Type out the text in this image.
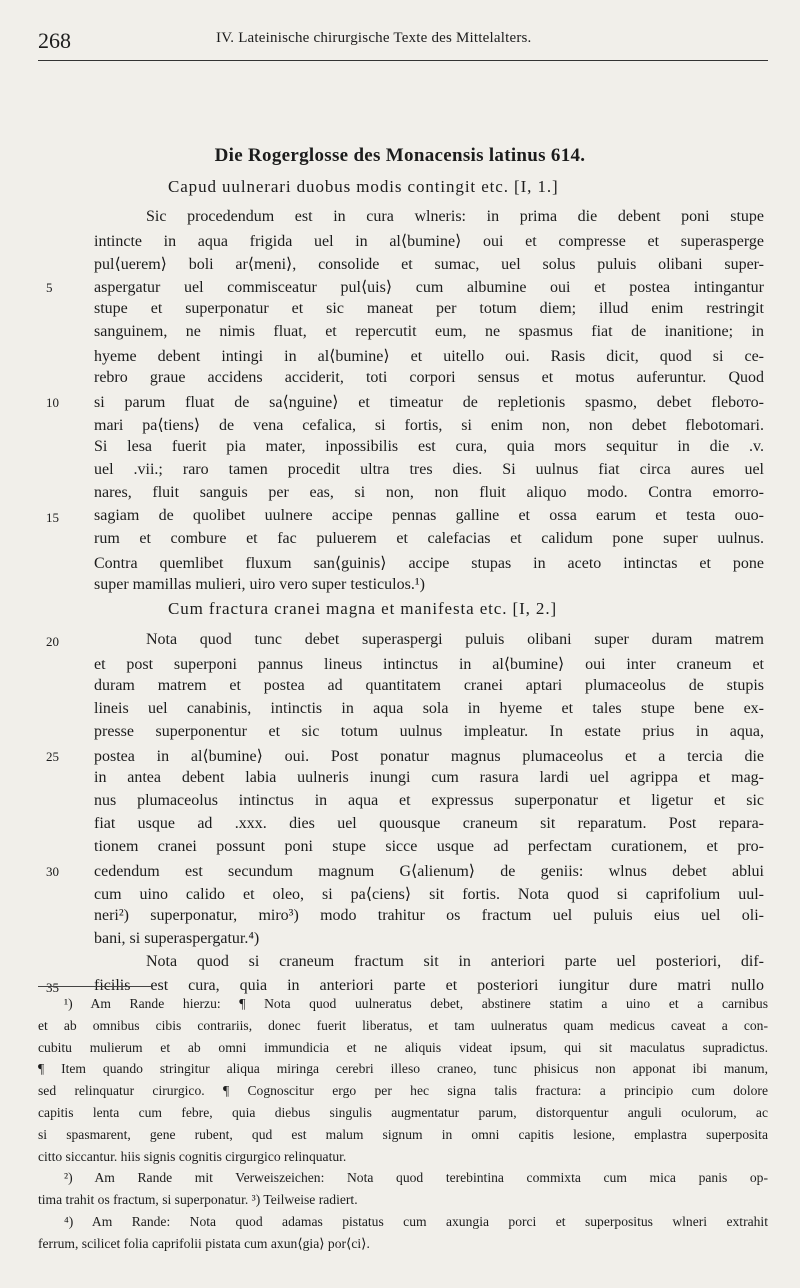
268	IV. Lateinische chirurgische Texte des Mittelalters.
Die Rogerglosse des Monacensis latinus 614.
Capud uulnerari duobus modis contingit etc. [I, 1.]
Sic procedendum est in cura wlneris: in prima die debent poni stupe
intincte in aqua frigida uel in al⟨bumine⟩ oui et compresse et superasperge
pul⟨uerem⟩ boli ar⟨meni⟩, consolide et sumac, uel solus puluis olibani super-
aspergatur uel commisceatur pul⟨uis⟩ cum albumine oui et postea intingantur
5
stupe et superponatur et sic maneat per totum diem; illud enim restringit
sanguinem, ne nimis fluat, et repercutit eum, ne spasmus fiat de inanitione; in
hyeme debent intingi in al⟨bumine⟩ et uitello oui. Rasis dicit, quod si ce-
rebro graue accidens acciderit, toti corpori sensus et motus auferuntur. Quod
si parum fluat de sa⟨nguine⟩ et timeatur de repletionis spasmo, debet flebото-
10
mari pa⟨tiens⟩ de vena cefalica, si fortis, si enim non, non debet flebotomari.
Si lesa fuerit pia mater, inpossibilis est cura, quia mors sequitur in die .v.
uel .vii.; raro tamen procedit ultra tres dies. Si uulnus fiat circa aures uel
nares, fluit sanguis per eas, si non, non fluit aliquo modo. Contra emorro-
sagiam de quolibet uulnere accipe pennas galline et ossa earum et testa ouo-
15
rum et combure et fac puluerem et calefacias et calidum pone super uulnus.
Contra quemlibet fluxum san⟨guinis⟩ accipe stupas in aceto intinctas et pone
super mamillas mulieri, uiro vero super testiculos.¹)
Cum fractura cranei magna et manifesta etc. [I, 2.]
Nota quod tunc debet superaspergi puluis olibani super duram matrem
20
et post superponi pannus lineus intinctus in al⟨bumine⟩ oui inter craneum et
duram matrem et postea ad quantitatem cranei aptari plumaceolus de stupis
lineis uel canabinis, intinctis in aqua sola in hyeme et tales stupe bene ex-
presse superponentur et sic totum uulnus impleatur. In estate prius in aqua,
postea in al⟨bumine⟩ oui. Post ponatur magnus plumaceolus et a tercia die
25
in antea debent labia uulneris inungi cum rasura lardi uel agrippa et mag-
nus plumaceolus intinctus in aqua et expressus superponatur et ligetur et sic
fiat usque ad .xxx. dies uel quousque craneum sit reparatum. Post repara-
tionem cranei possunt poni stupe sicce usque ad perfectam curationem, et pro-
cedendum est secundum magnum G⟨alienum⟩ de geniis: wlnus debet ablui
30
cum uino calido et oleo, si pa⟨ciens⟩ sit fortis. Nota quod si caprifolium uul-
neri²) superponatur, miro³) modo trahitur os fractum uel puluis eius uel oli-
bani, si superaspergatur.⁴)
Nota quod si craneum fractum sit in anteriori parte uel posteriori, dif-
ficilis est cura, quia in anteriori parte et posteriori iungitur dure matri nullo
35
¹) Am Rande hierzu: ¶ Nota quod uulneratus debet, abstinere statim a uino et a carnibus
et ab omnibus cibis contrariis, donec fuerit liberatus, et tam uulneratus quam medicus caveat a con-
cubitu mulierum et ab omni immundicia et ne aliquis videat ipsum, qui sit maculatus supradictus.
¶ Item quando stringitur aliqua miringa cerebri illeso craneo, tunc phisicus non apponat ibi manum,
sed relinquatur cirurgico. ¶ Cognoscitur ergo per hec signa talis fractura: a principio cum dolore
capitis lenta cum febre, quia diebus singulis augmentatur parum, distorquentur anguli oculorum, ac
si spasmarent, gene rubent, qud est malum signum in omni capitis lesione, emplastra superposita
citto siccantur. hiis signis cognitis cirgurgico relinquatur.
²) Am Rande mit Verweiszeichen: Nota quod terebintina commixta cum mica panis op-
tima trahit os fractum, si superponatur. ³) Teilweise radiert.
⁴) Am Rande: Nota quod adamas pistatus cum axungia porci et superpositus wlneri extrahit
ferrum, scilicet folia caprifolii pistata cum axun⟨gia⟩ por⟨ci⟩.
